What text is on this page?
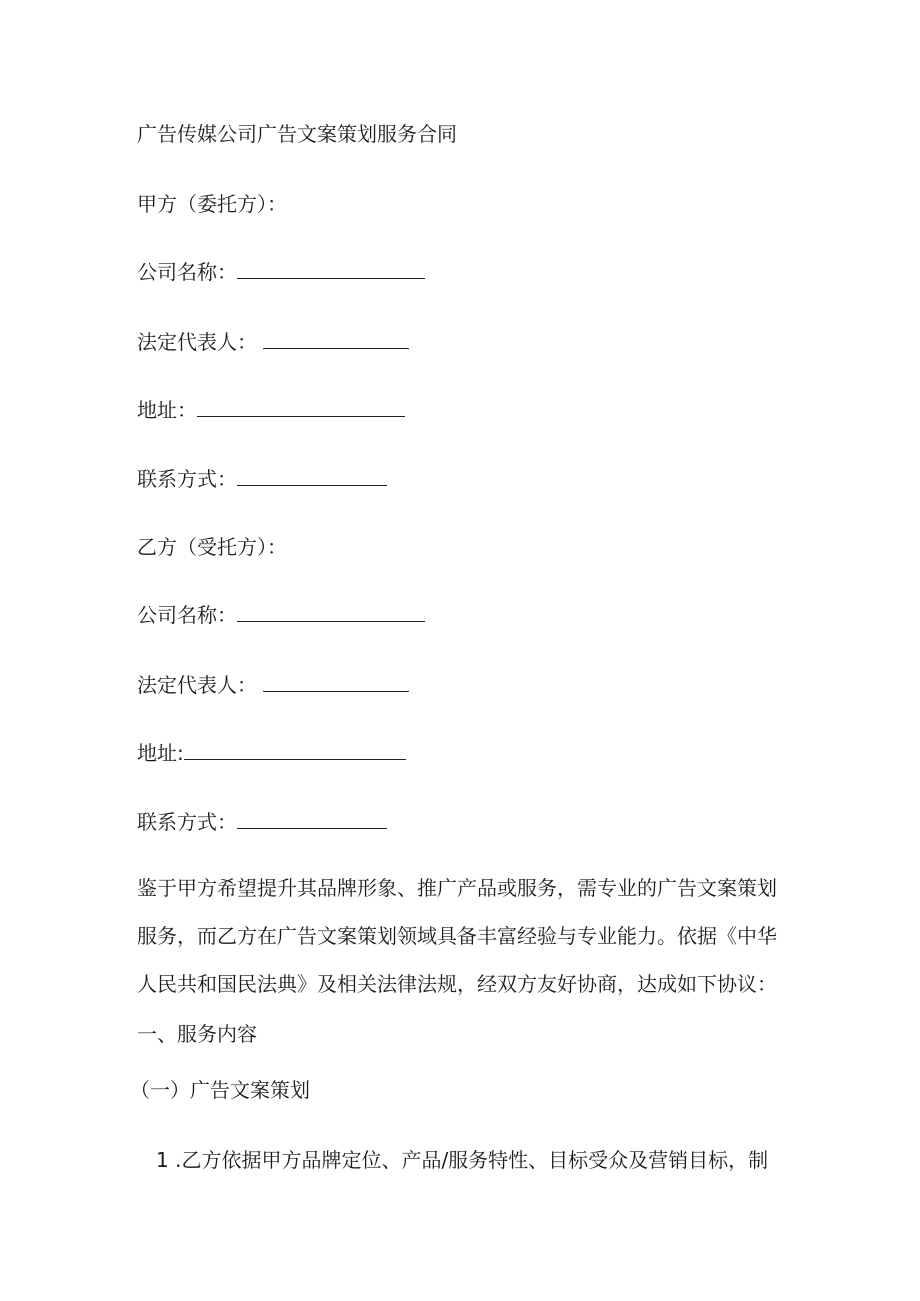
广告传媒公司广告文案策划服务合同
甲方（委托方）：
公司名称：
法定代表人：
地址：
联系方式：
乙方（受托方）：
公司名称：
法定代表人：
地址:
联系方式：
鉴于甲方希望提升其品牌形象、推广产品或服务，需专业的广告文案策划
服务，而乙方在广告文案策划领域具备丰富经验与专业能力。依据《中华
人民共和国民法典》及相关法律法规，经双方友好协商，达成如下协议：
一、服务内容
（一）广告文案策划
1 .乙方依据甲方品牌定位、产品/服务特性、目标受众及营销目标，制
